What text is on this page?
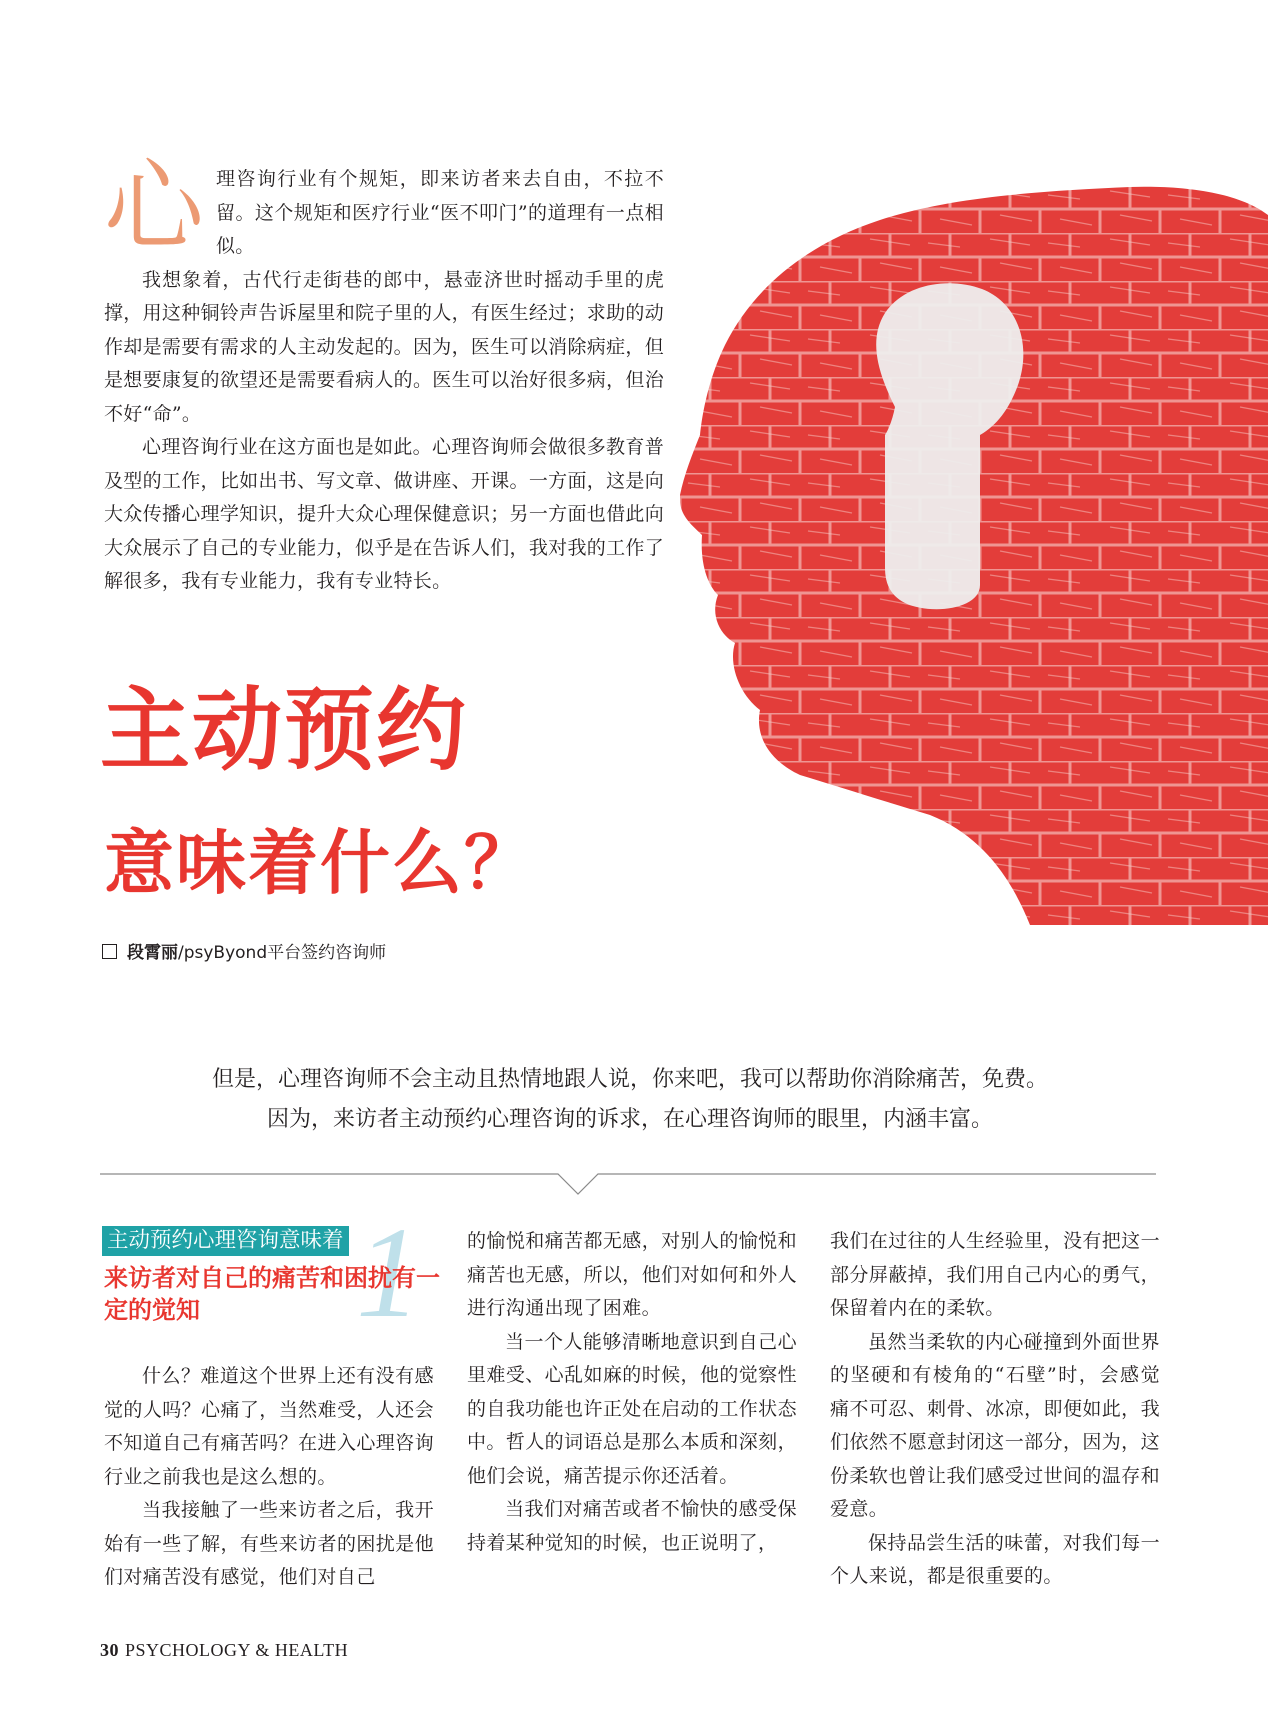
心 理咨询行业有个规矩，即来访者来去自由，不拉不留。这个规矩和医疗行业“医不叩门”的道理有一点相似。

我想象着，古代行走街巷的郎中，悬壶济世时摇动手里的虎撑，用这种铜铃声告诉屋里和院子里的人，有医生经过；求助的动作却是需要有需求的人主动发起的。因为，医生可以消除病症，但是想要康复的欲望还是需要看病人的。医生可以治好很多病，但治不好“命”。

心理咨询行业在这方面也是如此。心理咨询师会做很多教育普及型的工作，比如出书、写文章、做讲座、开课。一方面，这是向大众传播心理学知识，提升大众心理保健意识；另一方面也借此向大众展示了自己的专业能力，似乎是在告诉人们，我对我的工作了解很多，我有专业能力，我有专业特长。

主动预约
意味着什么？
段霄丽/psyByond平台签约咨询师
但是，心理咨询师不会主动且热情地跟人说，你来吧，我可以帮助你消除痛苦，免费。
因为，来访者主动预约心理咨询的诉求，在心理咨询师的眼里，内涵丰富。
1
主动预约心理咨询意味着
来访者对自己的痛苦和困扰有一定的觉知

什么？难道这个世界上还有没有感觉的人吗？心痛了，当然难受，人还会不知道自己有痛苦吗？在进入心理咨询行业之前我也是这么想的。

当我接触了一些来访者之后，我开始有一些了解，有些来访者的困扰是他们对痛苦没有感觉，他们对自己

的愉悦和痛苦都无感，对别人的愉悦和痛苦也无感，所以，他们对如何和外人进行沟通出现了困难。

当一个人能够清晰地意识到自己心里难受、心乱如麻的时候，他的觉察性的自我功能也许正处在启动的工作状态中。哲人的词语总是那么本质和深刻，他们会说，痛苦提示你还活着。

当我们对痛苦或者不愉快的感受保持着某种觉知的时候，也正说明了，

我们在过往的人生经验里，没有把这一部分屏蔽掉，我们用自己内心的勇气，保留着内在的柔软。

虽然当柔软的内心碰撞到外面世界的坚硬和有棱角的“石壁”时，会感觉痛不可忍、刺骨、冰凉，即便如此，我们依然不愿意封闭这一部分，因为，这份柔软也曾让我们感受过世间的温存和爱意。

保持品尝生活的味蕾，对我们每一个人来说，都是很重要的。

30 PSYCHOLOGY & HEALTH
